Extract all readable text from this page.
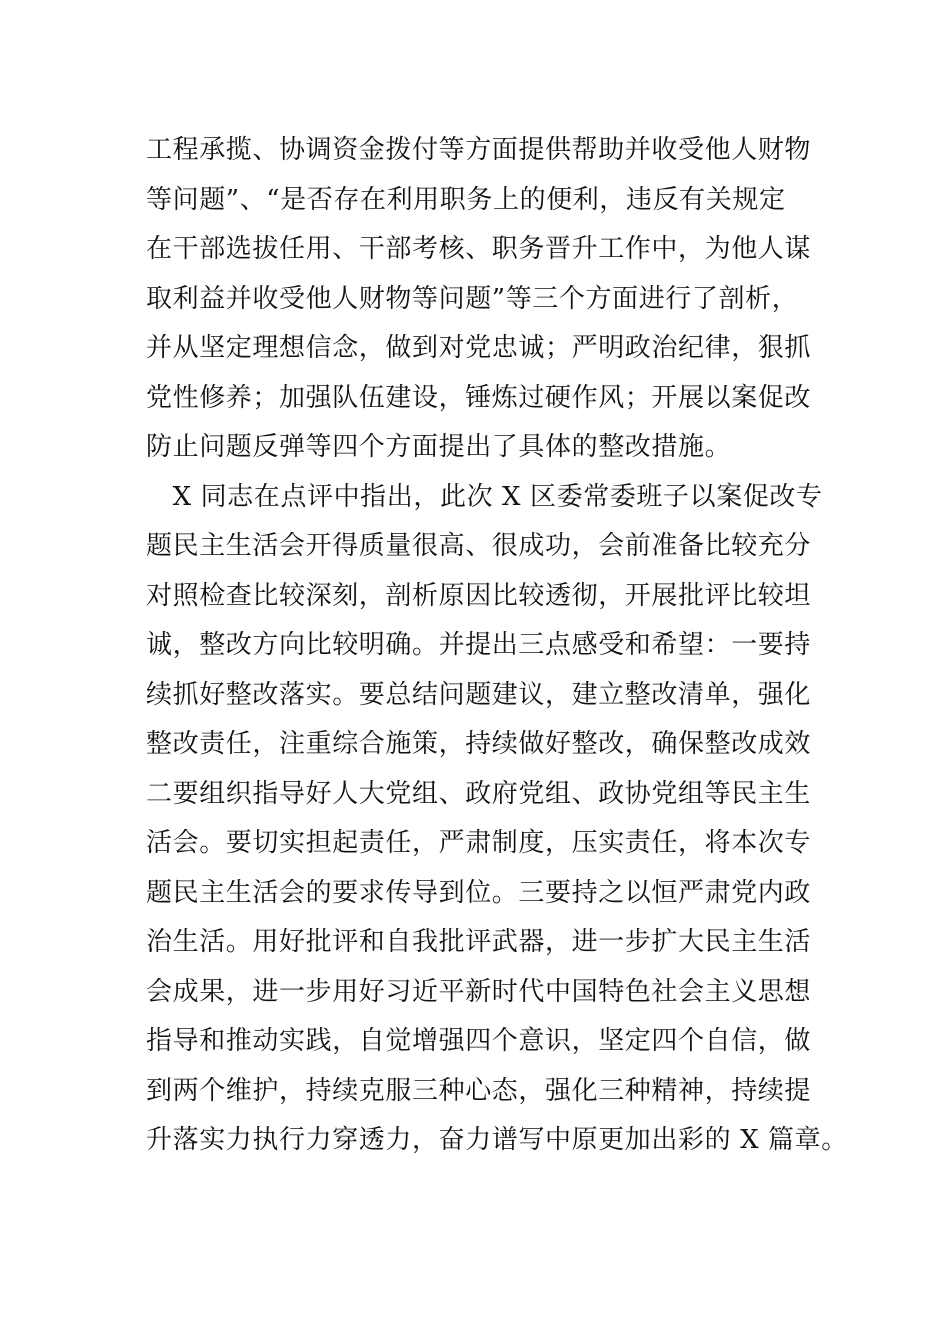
工程承揽、协调资金拨付等方面提供帮助并收受他人财物
等问题”、“是否存在利用职务上的便利，违反有关规定
在干部选拔任用、干部考核、职务晋升工作中，为他人谋
取利益并收受他人财物等问题”等三个方面进行了剖析，
并从坚定理想信念，做到对党忠诚；严明政治纪律，狠抓
党性修养；加强队伍建设，锤炼过硬作风；开展以案促改
防止问题反弹等四个方面提出了具体的整改措施。
　X 同志在点评中指出，此次 X 区委常委班子以案促改专
题民主生活会开得质量很高、很成功，会前准备比较充分
对照检查比较深刻，剖析原因比较透彻，开展批评比较坦
诚，整改方向比较明确。并提出三点感受和希望：一要持
续抓好整改落实。要总结问题建议，建立整改清单，强化
整改责任，注重综合施策，持续做好整改，确保整改成效
二要组织指导好人大党组、政府党组、政协党组等民主生
活会。要切实担起责任，严肃制度，压实责任，将本次专
题民主生活会的要求传导到位。三要持之以恒严肃党内政
治生活。用好批评和自我批评武器，进一步扩大民主生活
会成果，进一步用好习近平新时代中国特色社会主义思想
指导和推动实践，自觉增强四个意识，坚定四个自信，做
到两个维护，持续克服三种心态，强化三种精神，持续提
升落实力执行力穿透力，奋力谱写中原更加出彩的 X 篇章。
